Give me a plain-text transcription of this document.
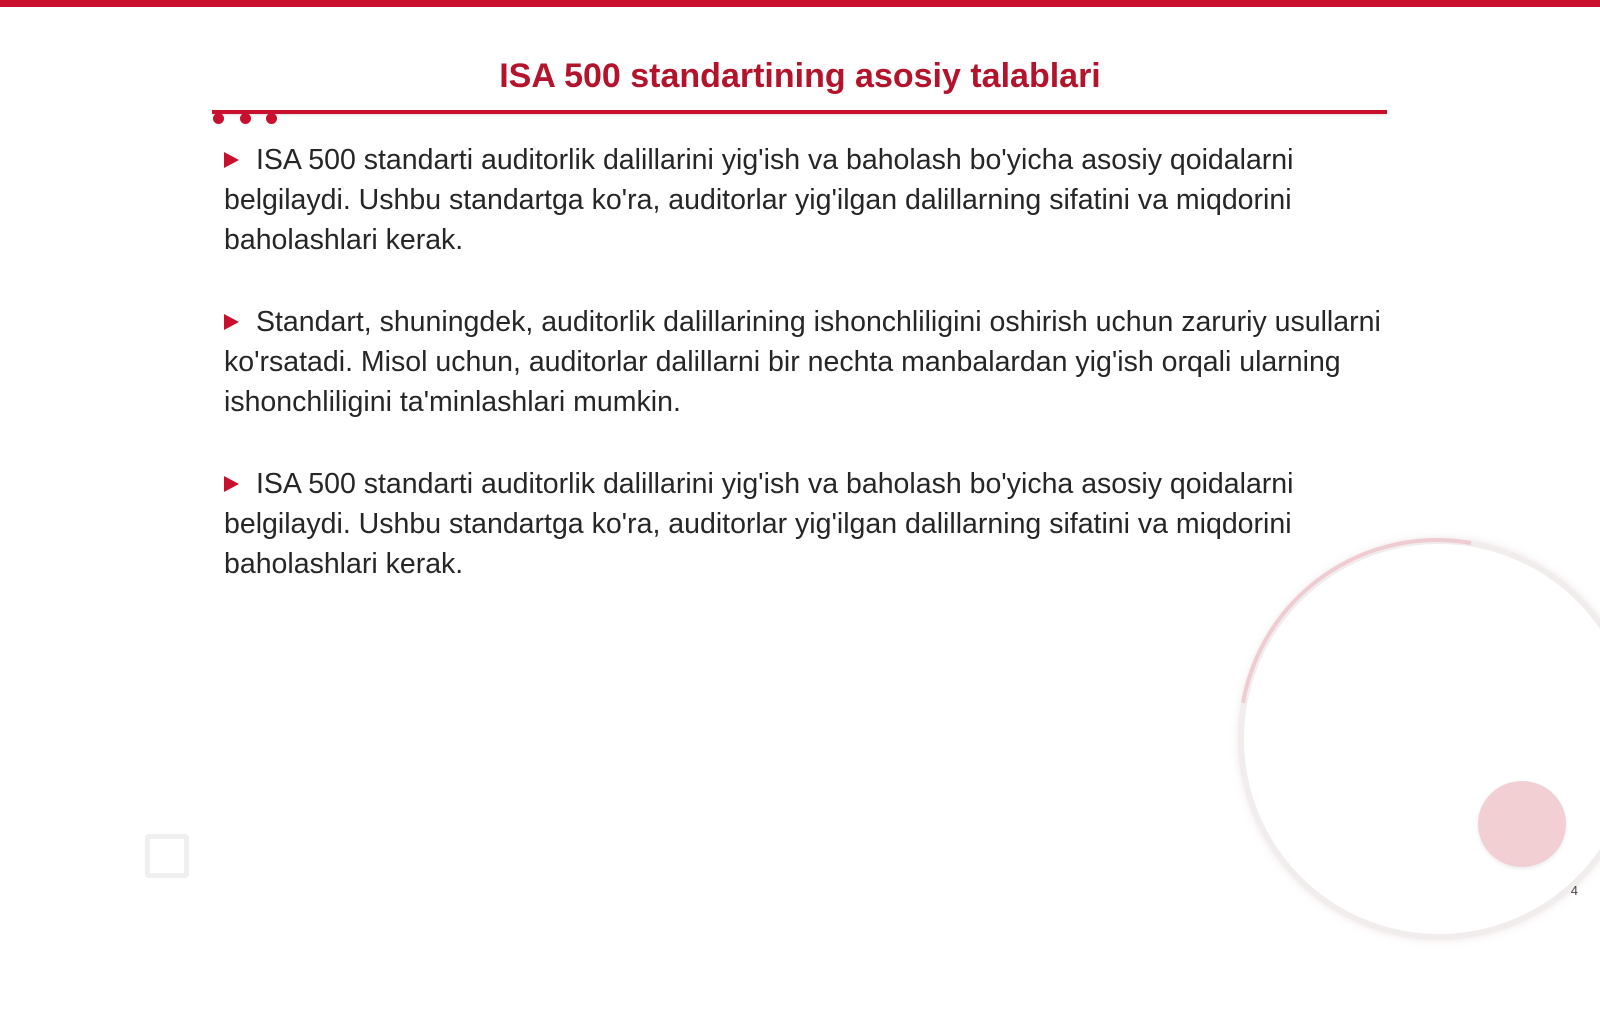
ISA 500 standartining asosiy talablari

ISA 500 standarti auditorlik dalillarini yig'ish va baholash bo'yicha asosiy qoidalarni belgilaydi. Ushbu standartga ko'ra, auditorlar yig'ilgan dalillarning sifatini va miqdorini baholashlari kerak.

Standart, shuningdek, auditorlik dalillarining ishonchliligini oshirish uchun zaruriy usullarni ko'rsatadi. Misol uchun, auditorlar dalillarni bir nechta manbalardan yig'ish orqali ularning ishonchliligini ta'minlashlari mumkin.

ISA 500 standarti auditorlik dalillarini yig'ish va baholash bo'yicha asosiy qoidalarni belgilaydi. Ushbu standartga ko'ra, auditorlar yig'ilgan dalillarning sifatini va miqdorini baholashlari kerak.

4
